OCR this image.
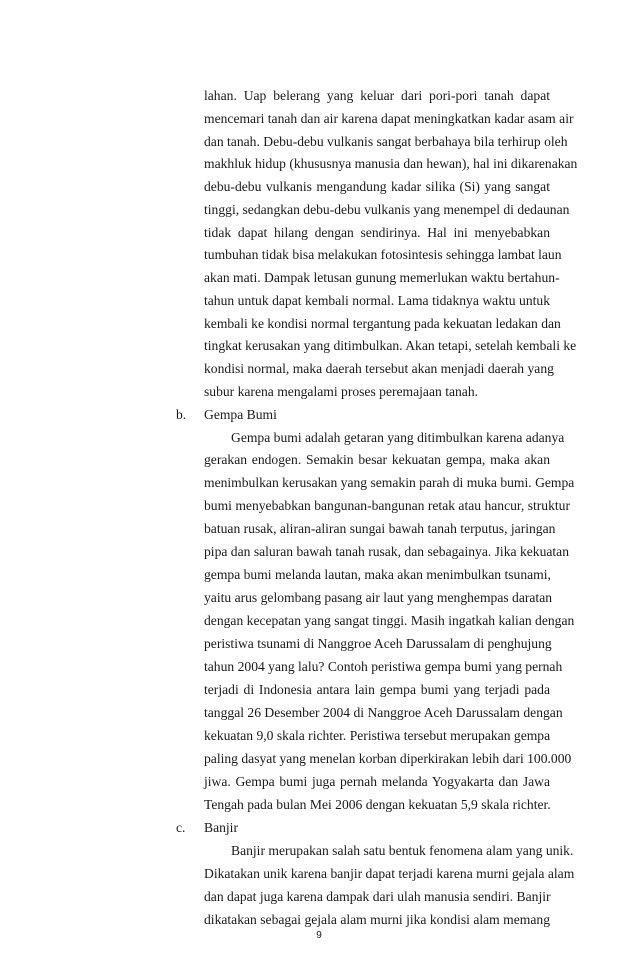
lahan. Uap belerang yang keluar dari pori-pori tanah dapat
mencemari tanah dan air karena dapat meningkatkan kadar asam air
dan tanah. Debu-debu vulkanis sangat berbahaya bila terhirup oleh
makhluk hidup (khususnya manusia dan hewan), hal ini dikarenakan
debu-debu vulkanis mengandung kadar silika (Si) yang sangat
tinggi, sedangkan debu-debu vulkanis yang menempel di dedaunan
tidak dapat hilang dengan sendirinya. Hal ini menyebabkan
tumbuhan tidak bisa melakukan fotosintesis sehingga lambat laun
akan mati. Dampak letusan gunung memerlukan waktu bertahun-
tahun untuk dapat kembali normal. Lama tidaknya waktu untuk
kembali ke kondisi normal tergantung pada kekuatan ledakan dan
tingkat kerusakan yang ditimbulkan. Akan tetapi, setelah kembali ke
kondisi normal, maka daerah tersebut akan menjadi daerah yang
subur karena mengalami proses peremajaan tanah.
b. Gempa Bumi
Gempa bumi adalah getaran yang ditimbulkan karena adanya
gerakan endogen. Semakin besar kekuatan gempa, maka akan
menimbulkan kerusakan yang semakin parah di muka bumi. Gempa
bumi menyebabkan bangunan-bangunan retak atau hancur, struktur
batuan rusak, aliran-aliran sungai bawah tanah terputus, jaringan
pipa dan saluran bawah tanah rusak, dan sebagainya. Jika kekuatan
gempa bumi melanda lautan, maka akan menimbulkan tsunami,
yaitu arus gelombang pasang air laut yang menghempas daratan
dengan kecepatan yang sangat tinggi. Masih ingatkah kalian dengan
peristiwa tsunami di Nanggroe Aceh Darussalam di penghujung
tahun 2004 yang lalu? Contoh peristiwa gempa bumi yang pernah
terjadi di Indonesia antara lain gempa bumi yang terjadi pada
tanggal 26 Desember 2004 di Nanggroe Aceh Darussalam dengan
kekuatan 9,0 skala richter. Peristiwa tersebut merupakan gempa
paling dasyat yang menelan korban diperkirakan lebih dari 100.000
jiwa. Gempa bumi juga pernah melanda Yogyakarta dan Jawa
Tengah pada bulan Mei 2006 dengan kekuatan 5,9 skala richter.
c. Banjir
Banjir merupakan salah satu bentuk fenomena alam yang unik.
Dikatakan unik karena banjir dapat terjadi karena murni gejala alam
dan dapat juga karena dampak dari ulah manusia sendiri. Banjir
dikatakan sebagai gejala alam murni jika kondisi alam memang
9
